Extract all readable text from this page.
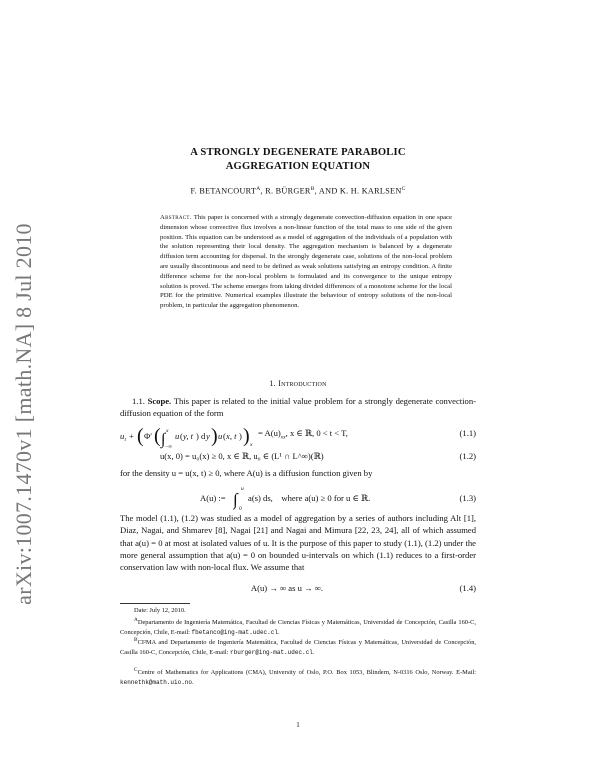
arXiv:1007.1470v1 [math.NA] 8 Jul 2010
A STRONGLY DEGENERATE PARABOLIC
AGGREGATION EQUATION
F. $BETANCOURT^A$, R. $BÜRGER^B$, AND K. H. $KARLSEN^C$
Abstract. This paper is concerned with a strongly degenerate convection-diffusion equation in one space dimension whose convective flux involves a non-linear function of the total mass to one side of the given position. This equation can be understood as a model of aggregation of the individuals of a population with the solution representing their local density. The aggregation mechanism is balanced by a degenerate diffusion term accounting for dispersal. In the strongly degenerate case, solutions of the non-local problem are usually discontinuous and need to be defined as weak solutions satisfying an entropy condition. A finite difference scheme for the non-local problem is formulated and its convergence to the unique entropy solution is proved. The scheme emerges from taking divided differences of a monotone scheme for the local PDE for the primitive. Numerical examples illustrate the behaviour of entropy solutions of the non-local problem, in particular the aggregation phenomenon.
1. Introduction
1.1. Scope. This paper is related to the initial value problem for a strongly degenerate convection-diffusion equation of the form
u t + ( Φ′ ( ∫ x
−∞
u ( y, t ) d y ) u ( x, t ) ) x
= $A(u)_{xx}$, x ∈ ℝ, 0 < t < T,	(1.1)
u(x, 0) = u₀(x) ≥ 0, x ∈ ℝ, u₀ ∈ (L¹ ∩ L^∞)(ℝ)	(1.2)
for the density u = u(x, t) ≥ 0, where A(u) is a diffusion function given by
A(u) := ∫
u
0
a(s) ds, where a(u) ≥ 0 for u ∈ ℝ.	(1.3)
The model (1.1), (1.2) was studied as a model of aggregation by a series of authors including Alt [1], Diaz, Nagai, and Shmarev [8], Nagai [21] and Nagai and Mimura [22, 23, 24], all of which assumed that a(u) = 0 at most at isolated values of u. It is the purpose of this paper to study (1.1), (1.2) under the more general assumption that a(u) = 0 on bounded u-intervals on which (1.1) reduces to a first-order conservation law with non-local flux. We assume that
A(u) → ∞ as u → ∞.	(1.4)
Date: July 12, 2010.
$^A$Departamento de Ingeniería Matemática, Facultad de Ciencias Físicas y Matemáticas, Universidad de Concepción, Casilla 160-C, Concepción, Chile, E-mail: fbetanco@ing-mat.udec.cl.
$^B$CI²MA and Departamento de Ingeniería Matemática, Facultad de Ciencias Físicas y Matemáticas, Universidad de Concepción, Casilla 160-C, Concepción, Chile, E-mail: rburger@ing-mat.udec.cl.
$^C$Centre of Mathematics for Applications (CMA), University of Oslo, P.O. Box 1053, Blindern, N-0316 Oslo, Norway. E-Mail: kennethk@math.uio.no.
1
